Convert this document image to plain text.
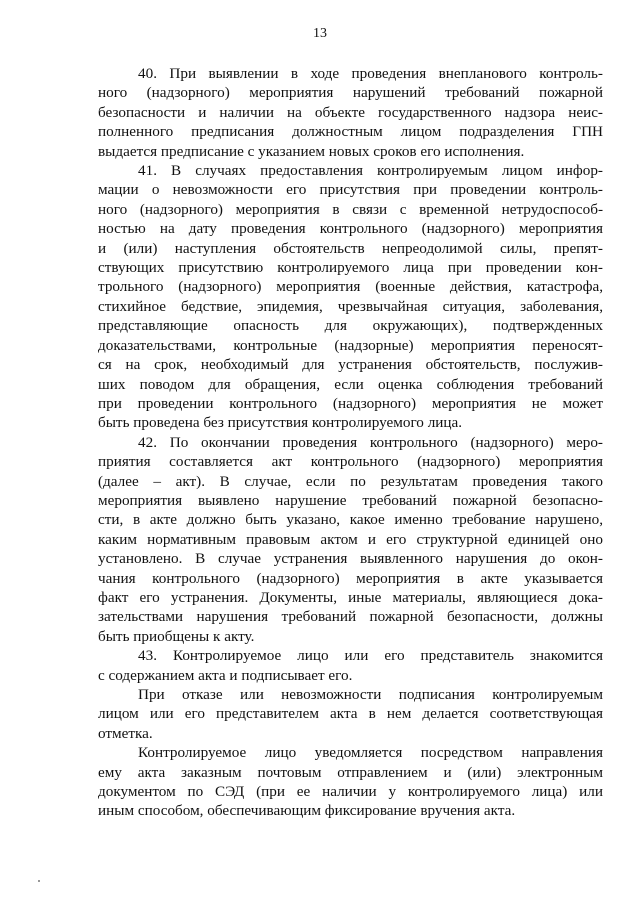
13

40. При выявлении в ходе проведения внепланового контроль-
ного (надзорного) мероприятия нарушений требований пожарной
безопасности и наличии на объекте государственного надзора неис-
полненного предписания должностным лицом подразделения ГПН
выдается предписание с указанием новых сроков его исполнения.

41. В случаях предоставления контролируемым лицом инфор-
мации о невозможности его присутствия при проведении контроль-
ного (надзорного) мероприятия в связи с временной нетрудоспособ-
ностью на дату проведения контрольного (надзорного) мероприятия
и (или) наступления обстоятельств непреодолимой силы, препят-
ствующих присутствию контролируемого лица при проведении кон-
трольного (надзорного) мероприятия (военные действия, катастрофа,
стихийное бедствие, эпидемия, чрезвычайная ситуация, заболевания,
представляющие опасность для окружающих), подтвержденных
доказательствами, контрольные (надзорные) мероприятия переносят-
ся на срок, необходимый для устранения обстоятельств, послужив-
ших поводом для обращения, если оценка соблюдения требований
при проведении контрольного (надзорного) мероприятия не может
быть проведена без присутствия контролируемого лица.

42. По окончании проведения контрольного (надзорного) меро-
приятия составляется акт контрольного (надзорного) мероприятия
(далее – акт). В случае, если по результатам проведения такого
мероприятия выявлено нарушение требований пожарной безопасно-
сти, в акте должно быть указано, какое именно требование нарушено,
каким нормативным правовым актом и его структурной единицей оно
установлено. В случае устранения выявленного нарушения до окон-
чания контрольного (надзорного) мероприятия в акте указывается
факт его устранения. Документы, иные материалы, являющиеся дока-
зательствами нарушения требований пожарной безопасности, должны
быть приобщены к акту.

43. Контролируемое лицо или его представитель знакомится
с содержанием акта и подписывает его.

При отказе или невозможности подписания контролируемым
лицом или его представителем акта в нем делается соответствующая
отметка.

Контролируемое лицо уведомляется посредством направления
ему акта заказным почтовым отправлением и (или) электронным
документом по СЭД (при ее наличии у контролируемого лица) или
иным способом, обеспечивающим фиксирование вручения акта.
